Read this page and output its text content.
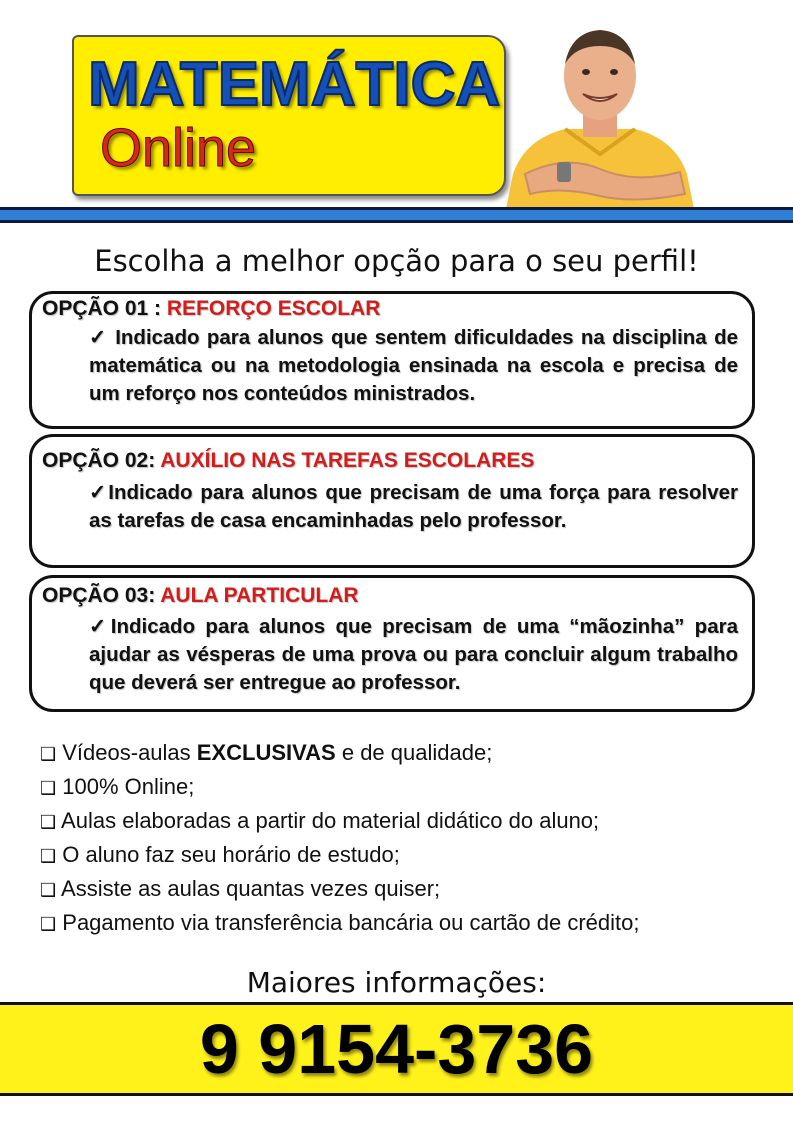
MATEMÁTICA
Online
Escolha a melhor opção para o seu perfil!
OPÇÃO 01 : REFORÇO ESCOLAR
✓ Indicado para alunos que sentem dificuldades na disciplina de matemática ou na metodologia ensinada na escola e precisa de um reforço nos conteúdos ministrados.
OPÇÃO 02: AUXÍLIO NAS TAREFAS ESCOLARES
✓Indicado para alunos que precisam de uma força para resolver as tarefas de casa encaminhadas pelo professor.
OPÇÃO 03: AULA PARTICULAR
✓Indicado para alunos que precisam de uma “mãozinha” para ajudar as vésperas de uma prova ou para concluir algum trabalho que deverá ser entregue ao professor.
❑ Vídeos-aulas EXCLUSIVAS e de qualidade;
❑ 100% Online;
❑ Aulas elaboradas a partir do material didático do aluno;
❑ O aluno faz seu horário de estudo;
❑ Assiste as aulas quantas vezes quiser;
❑ Pagamento via transferência bancária ou cartão de crédito;
Maiores informações:
9 9154-3736
